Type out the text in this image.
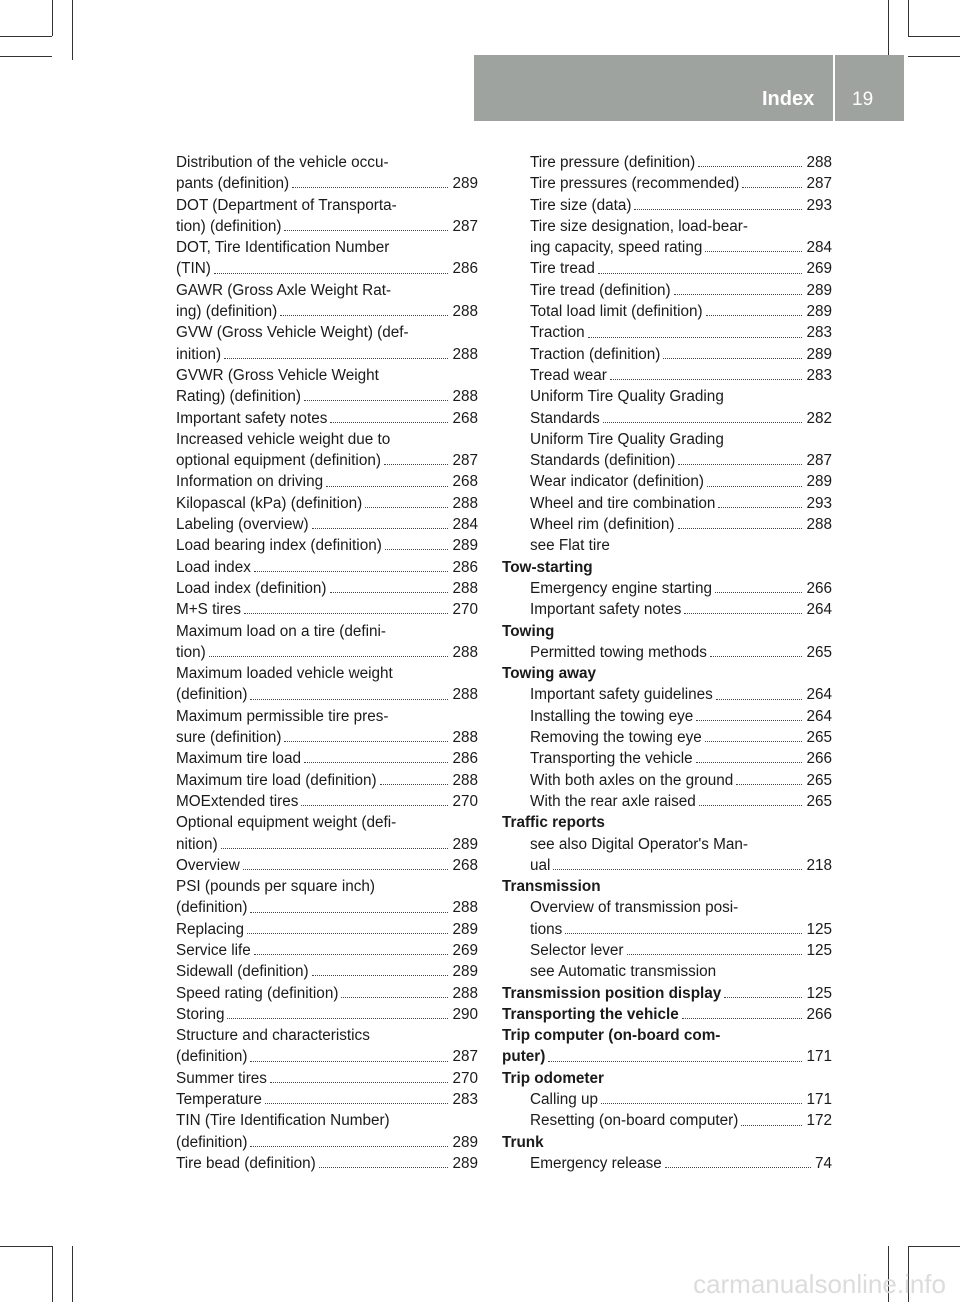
Index 19
Distribution of the vehicle occu-
pants (definition)	289
DOT (Department of Transporta-
tion) (definition)	287
DOT, Tire Identification Number
(TIN)	286
GAWR (Gross Axle Weight Rat-
ing) (definition)	288
GVW (Gross Vehicle Weight) (def-
inition)	288
GVWR (Gross Vehicle Weight
Rating) (definition)	288
Important safety notes	268
Increased vehicle weight due to
optional equipment (definition)	287
Information on driving	268
Kilopascal (kPa) (definition)	288
Labeling (overview)	284
Load bearing index (definition)	289
Load index	286
Load index (definition)	288
M+S tires	270
Maximum load on a tire (defini-
tion)	288
Maximum loaded vehicle weight
(definition)	288
Maximum permissible tire pres-
sure (definition)	288
Maximum tire load	286
Maximum tire load (definition)	288
MOExtended tires	270
Optional equipment weight (defi-
nition)	289
Overview	268
PSI (pounds per square inch)
(definition)	288
Replacing	289
Service life	269
Sidewall (definition)	289
Speed rating (definition)	288
Storing	290
Structure and characteristics
(definition)	287
Summer tires	270
Temperature	283
TIN (Tire Identification Number)
(definition)	289
Tire bead (definition)	289
Tire pressure (definition)	288
Tire pressures (recommended)	287
Tire size (data)	293
Tire size designation, load-bear-
ing capacity, speed rating	284
Tire tread	269
Tire tread (definition)	289
Total load limit (definition)	289
Traction	283
Traction (definition)	289
Tread wear	283
Uniform Tire Quality Grading
Standards	282
Uniform Tire Quality Grading
Standards (definition)	287
Wear indicator (definition)	289
Wheel and tire combination	293
Wheel rim (definition)	288
see Flat tire
Tow-starting
Emergency engine starting	266
Important safety notes	264
Towing
Permitted towing methods	265
Towing away
Important safety guidelines	264
Installing the towing eye	264
Removing the towing eye	265
Transporting the vehicle	266
With both axles on the ground	265
With the rear axle raised	265
Traffic reports
see also Digital Operator's Man-
ual	218
Transmission
Overview of transmission posi-
tions	125
Selector lever	125
see Automatic transmission
Transmission position display	125
Transporting the vehicle	266
Trip computer (on-board com-
puter)	171
Trip odometer
Calling up	171
Resetting (on-board computer)	172
Trunk
Emergency release	74
carmanualsonline.info
